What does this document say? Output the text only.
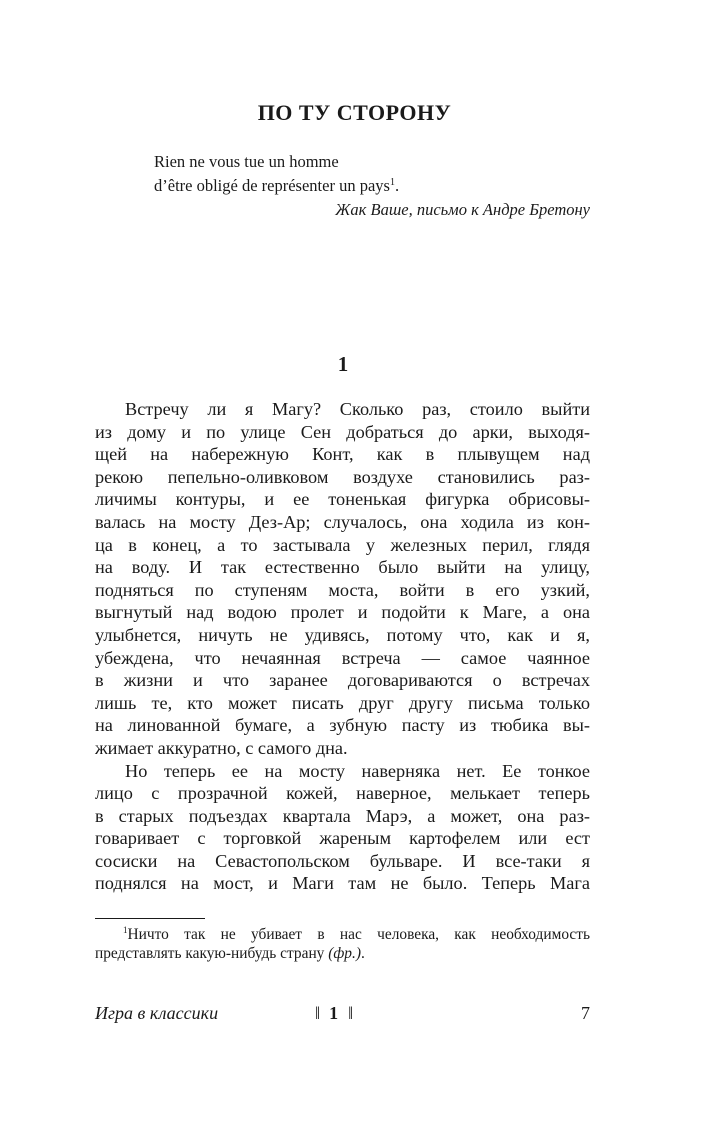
ПО ТУ СТОРОНУ
Rien ne vous tue un homme
d’être obligé de représenter un pays$^1$.
Жак Ваше, письмо к Андре Бретону
1
Встречу ли я Магу? Сколько раз, стоило выйти
из дому и по улице Сен добраться до арки, выходя-
щей на набережную Конт, как в плывущем над
рекою пепельно-оливковом воздухе становились раз-
личимы контуры, и ее тоненькая фигурка обрисовы-
валась на мосту Дез-Ар; случалось, она ходила из кон-
ца в конец, а то застывала у железных перил, глядя
на воду. И так естественно было выйти на улицу,
подняться по ступеням моста, войти в его узкий,
выгнутый над водою пролет и подойти к Маге, а она
улыбнется, ничуть не удивясь, потому что, как и я,
убеждена, что нечаянная встреча — самое чаянное
в жизни и что заранее договариваются о встречах
лишь те, кто может писать друг другу письма только
на линованной бумаге, а зубную пасту из тюбика вы-
жимает аккуратно, с самого дна.
Но теперь ее на мосту наверняка нет. Ее тонкое
лицо с прозрачной кожей, наверное, мелькает теперь
в старых подъездах квартала Марэ, а может, она раз-
говаривает с торговкой жареным картофелем или ест
сосиски на Севастопольском бульваре. И все-таки я
поднялся на мост, и Маги там не было. Теперь Мага
$^1$Ничто так не убивает в нас человека, как необходимость
представлять какую-нибудь страну (фр.).
Игра в классики	‖ 1 ‖	7
